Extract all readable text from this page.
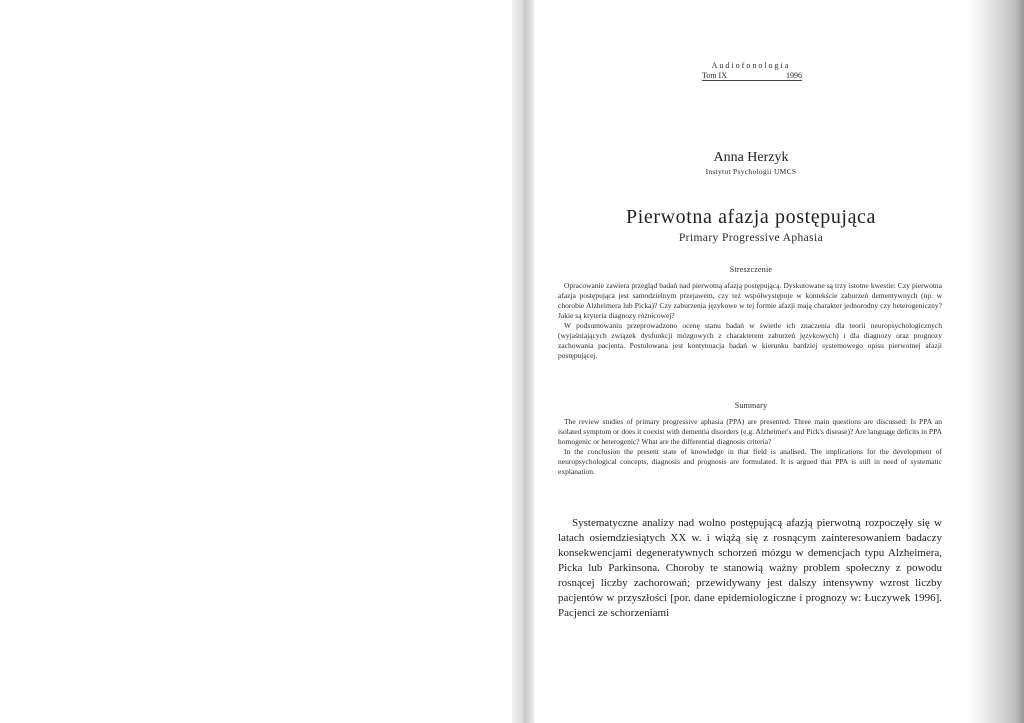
Audiofonologia
Tom IX	1996
Anna Herzyk
Instytut Psychologii UMCS
Pierwotna afazja postępująca
Primary Progressive Aphasia
Streszczenie

Opracowanie zawiera przegląd badań nad pierwotną afazją postępującą. Dyskutowane są trzy istotne kwestie: Czy pierwotna afazja postępująca jest samodzielnym przejawem, czy też współwystępuje w kontekście zaburzeń dementywnych (np. w chorobie Alzheimera lub Picka)? Czy zaburzenia językowe w tej formie afazji mają charakter jednorodny czy heterogeniczny? Jakie są kryteria diagnozy różnicowej?

W podsumowaniu przeprowadzono ocenę stanu badań w świetle ich znaczenia dla teorii neuropsychologicznych (wyjaśniających związek dysfunkcji mózgowych z charakterem zaburzeń językowych) i dla diagnozy oraz prognozy zachowania pacjenta. Postulowana jest kontynuacja badań w kierunku bardziej systemowego opisu pierwotnej afazji postępującej.

Summary

The review studies of primary progressive aphasia (PPA) are presented. Three main questions are discussed: Is PPA an isolated symptom or does it coexist with dementia disorders (e.g. Alzheimer's and Pick's disease)? Are language deficits in PPA homogenic or heterogenic? What are the differential diagnosis criteria?

In the conclusion the present state of knowledge in that field is analised. The implications for the development of neuropsychological concepts, diagnosis and prognosis are formulated. It is argued that PPA is still in need of systematic explanation.

Systematyczne analizy nad wolno postępującą afazją pierwotną rozpoczęły się w latach osiemdziesiątych XX w. i wiążą się z rosnącym zainteresowaniem badaczy konsekwencjami degeneratywnych schorzeń mózgu w demencjach typu Alzheimera, Picka lub Parkinsona. Choroby te stanowią ważny problem społeczny z powodu rosnącej liczby zachorowań; przewidywany jest dalszy intensywny wzrost liczby pacjentów w przyszłości [por. dane epidemiologiczne i prognozy w: Łuczywek 1996]. Pacjenci ze schorzeniami
